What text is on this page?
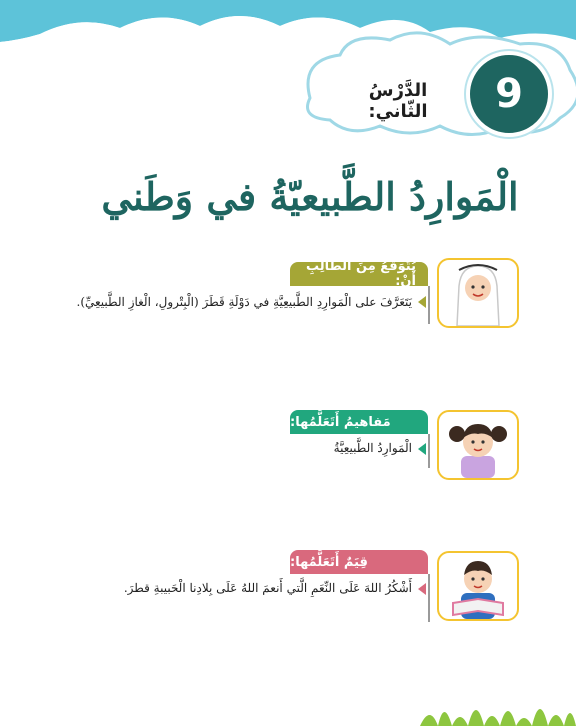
9
الدَّرْسُ الثّاني:
الْمَوارِدُ الطَّبيعيّةُ في وَطَني
يُتَوَقَّعُ مِنَ الطّالِبِ أَنْ:
يَتَعَرَّفَ على الْمَوارِدِ الطَّبيعِيَّةِ في دَوْلَةِ قَطَرَ (الْبِتْرولِ، الْغازِ الطَّبيعِيِّ).
مَفاهيمُ أَتَعَلَّمُها:
الْمَوارِدُ الطَّبيعِيَّةُ
قِيَمٌ أَتَعَلَّمُها:
أَشْكُرُ اللهَ عَلَى النِّعَمِ الَّتي أَنعمَ اللهُ عَلَى بِلادِنا الْحَبيبةِ قطرَ.
